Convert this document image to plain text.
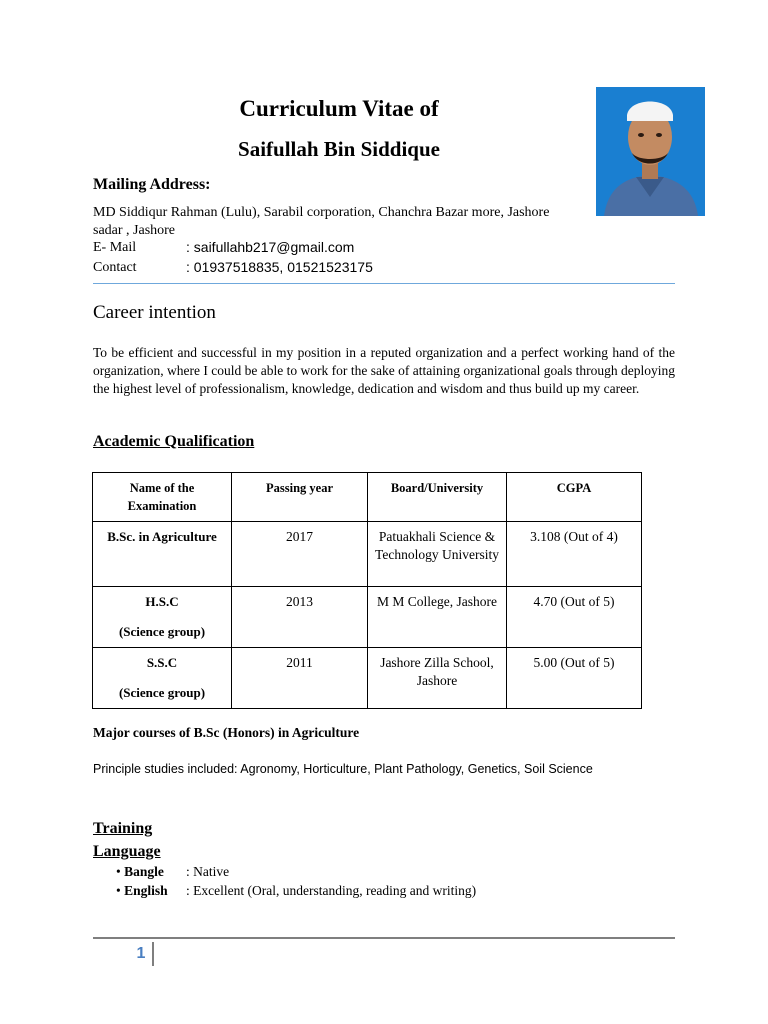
Curriculum Vitae of
Saifullah Bin Siddique
Mailing Address:
MD Siddiqur Rahman (Lulu), Sarabil corporation, Chanchra Bazar more, Jashore
sadar , Jashore
E- Mail	: saifullahb217@gmail.com
Contact	: 01937518835, 01521523175
Career intention
To be efficient and successful in my position in a reputed organization and a perfect working hand of the organization, where I could be able to work for the sake of attaining organizational goals through deploying the highest level of professionalism, knowledge, dedication and wisdom and thus build up my career.
Academic Qualification
Name of the Examination	Passing year	Board/University	CGPA

B.Sc. in Agriculture	2017	Patuakhali Science & Technology University	3.108 (Out of 4)

H.S.C
(Science group)	2013	M M College, Jashore	4.70 (Out of 5)

S.S.C
(Science group)	2011	Jashore Zilla School, Jashore	5.00 (Out of 5)
Major courses of B.Sc (Honors) in Agriculture
Principle studies included: Agronomy, Horticulture, Plant Pathology, Genetics, Soil Science
Training
Language
• Bangle : Native
• English : Excellent (Oral, understanding, reading and writing)
1
